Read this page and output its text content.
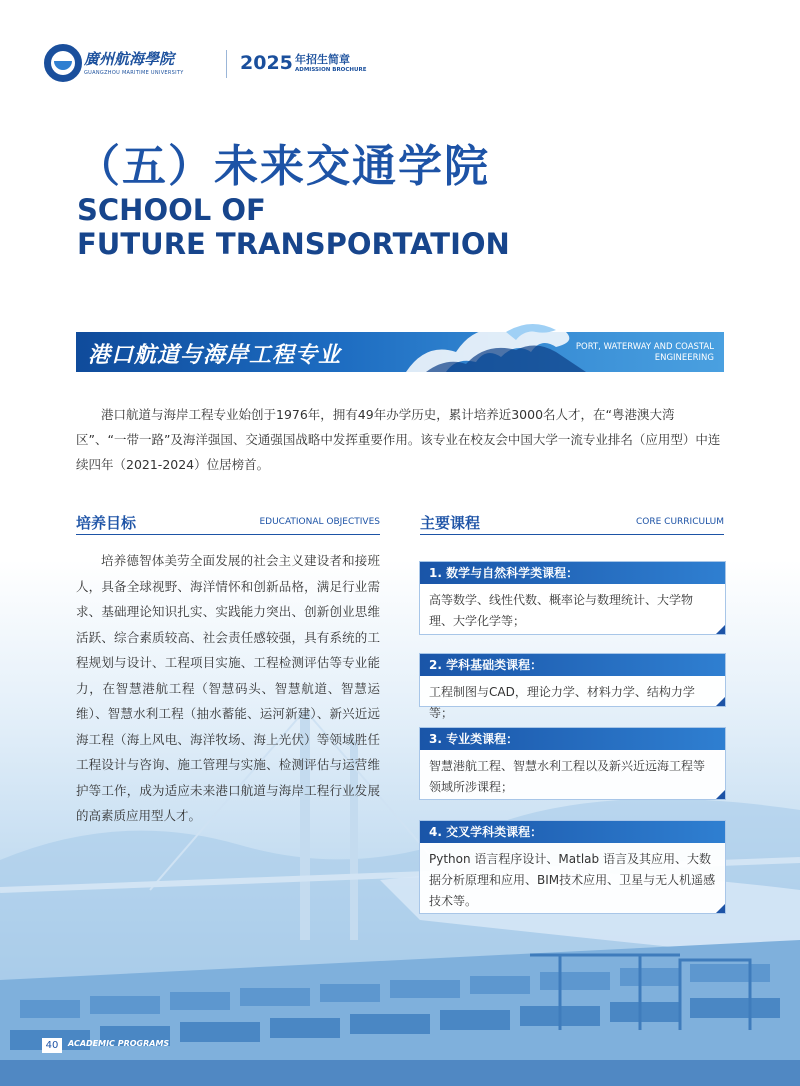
廣州航海學院
GUANGZHOU MARITIME UNIVERSITY	2025 年招生简章
ADMISSION BROCHURE
（五）未来交通学院
SCHOOL OF
FUTURE TRANSPORTATION
港口航道与海岸工程专业	PORT, WATERWAY AND COASTAL
ENGINEERING
港口航道与海岸工程专业始创于1976年，拥有49年办学历史，累计培养近3000名人才，在“粤港澳大湾区”、“一带一路”及海洋强国、交通强国战略中发挥重要作用。该专业在校友会中国大学一流专业排名（应用型）中连续四年（2021-2024）位居榜首。
培养目标	EDUCATIONAL OBJECTIVES
培养德智体美劳全面发展的社会主义建设者和接班人，具备全球视野、海洋情怀和创新品格，满足行业需求、基础理论知识扎实、实践能力突出、创新创业思维活跃、综合素质较高、社会责任感较强，具有系统的工程规划与设计、工程项目实施、工程检测评估等专业能力，在智慧港航工程（智慧码头、智慧航道、智慧运维）、智慧水利工程（抽水蓄能、运河新建）、新兴近远海工程（海上风电、海洋牧场、海上光伏）等领域胜任工程设计与咨询、施工管理与实施、检测评估与运营维护等工作，成为适应未来港口航道与海岸工程行业发展的高素质应用型人才。
主要课程	CORE CURRICULUM
1. 数学与自然科学类课程：
高等数学、线性代数、概率论与数理统计、大学物理、大学化学等；
2. 学科基础类课程：
工程制图与CAD，理论力学、材料力学、结构力学等；
3. 专业类课程：
智慧港航工程、智慧水利工程以及新兴近远海工程等领域所涉课程；
4. 交叉学科类课程：
Python 语言程序设计、Matlab 语言及其应用、大数据分析原理和应用、BIM技术应用、卫星与无人机遥感技术等。
40	ACADEMIC PROGRAMS
